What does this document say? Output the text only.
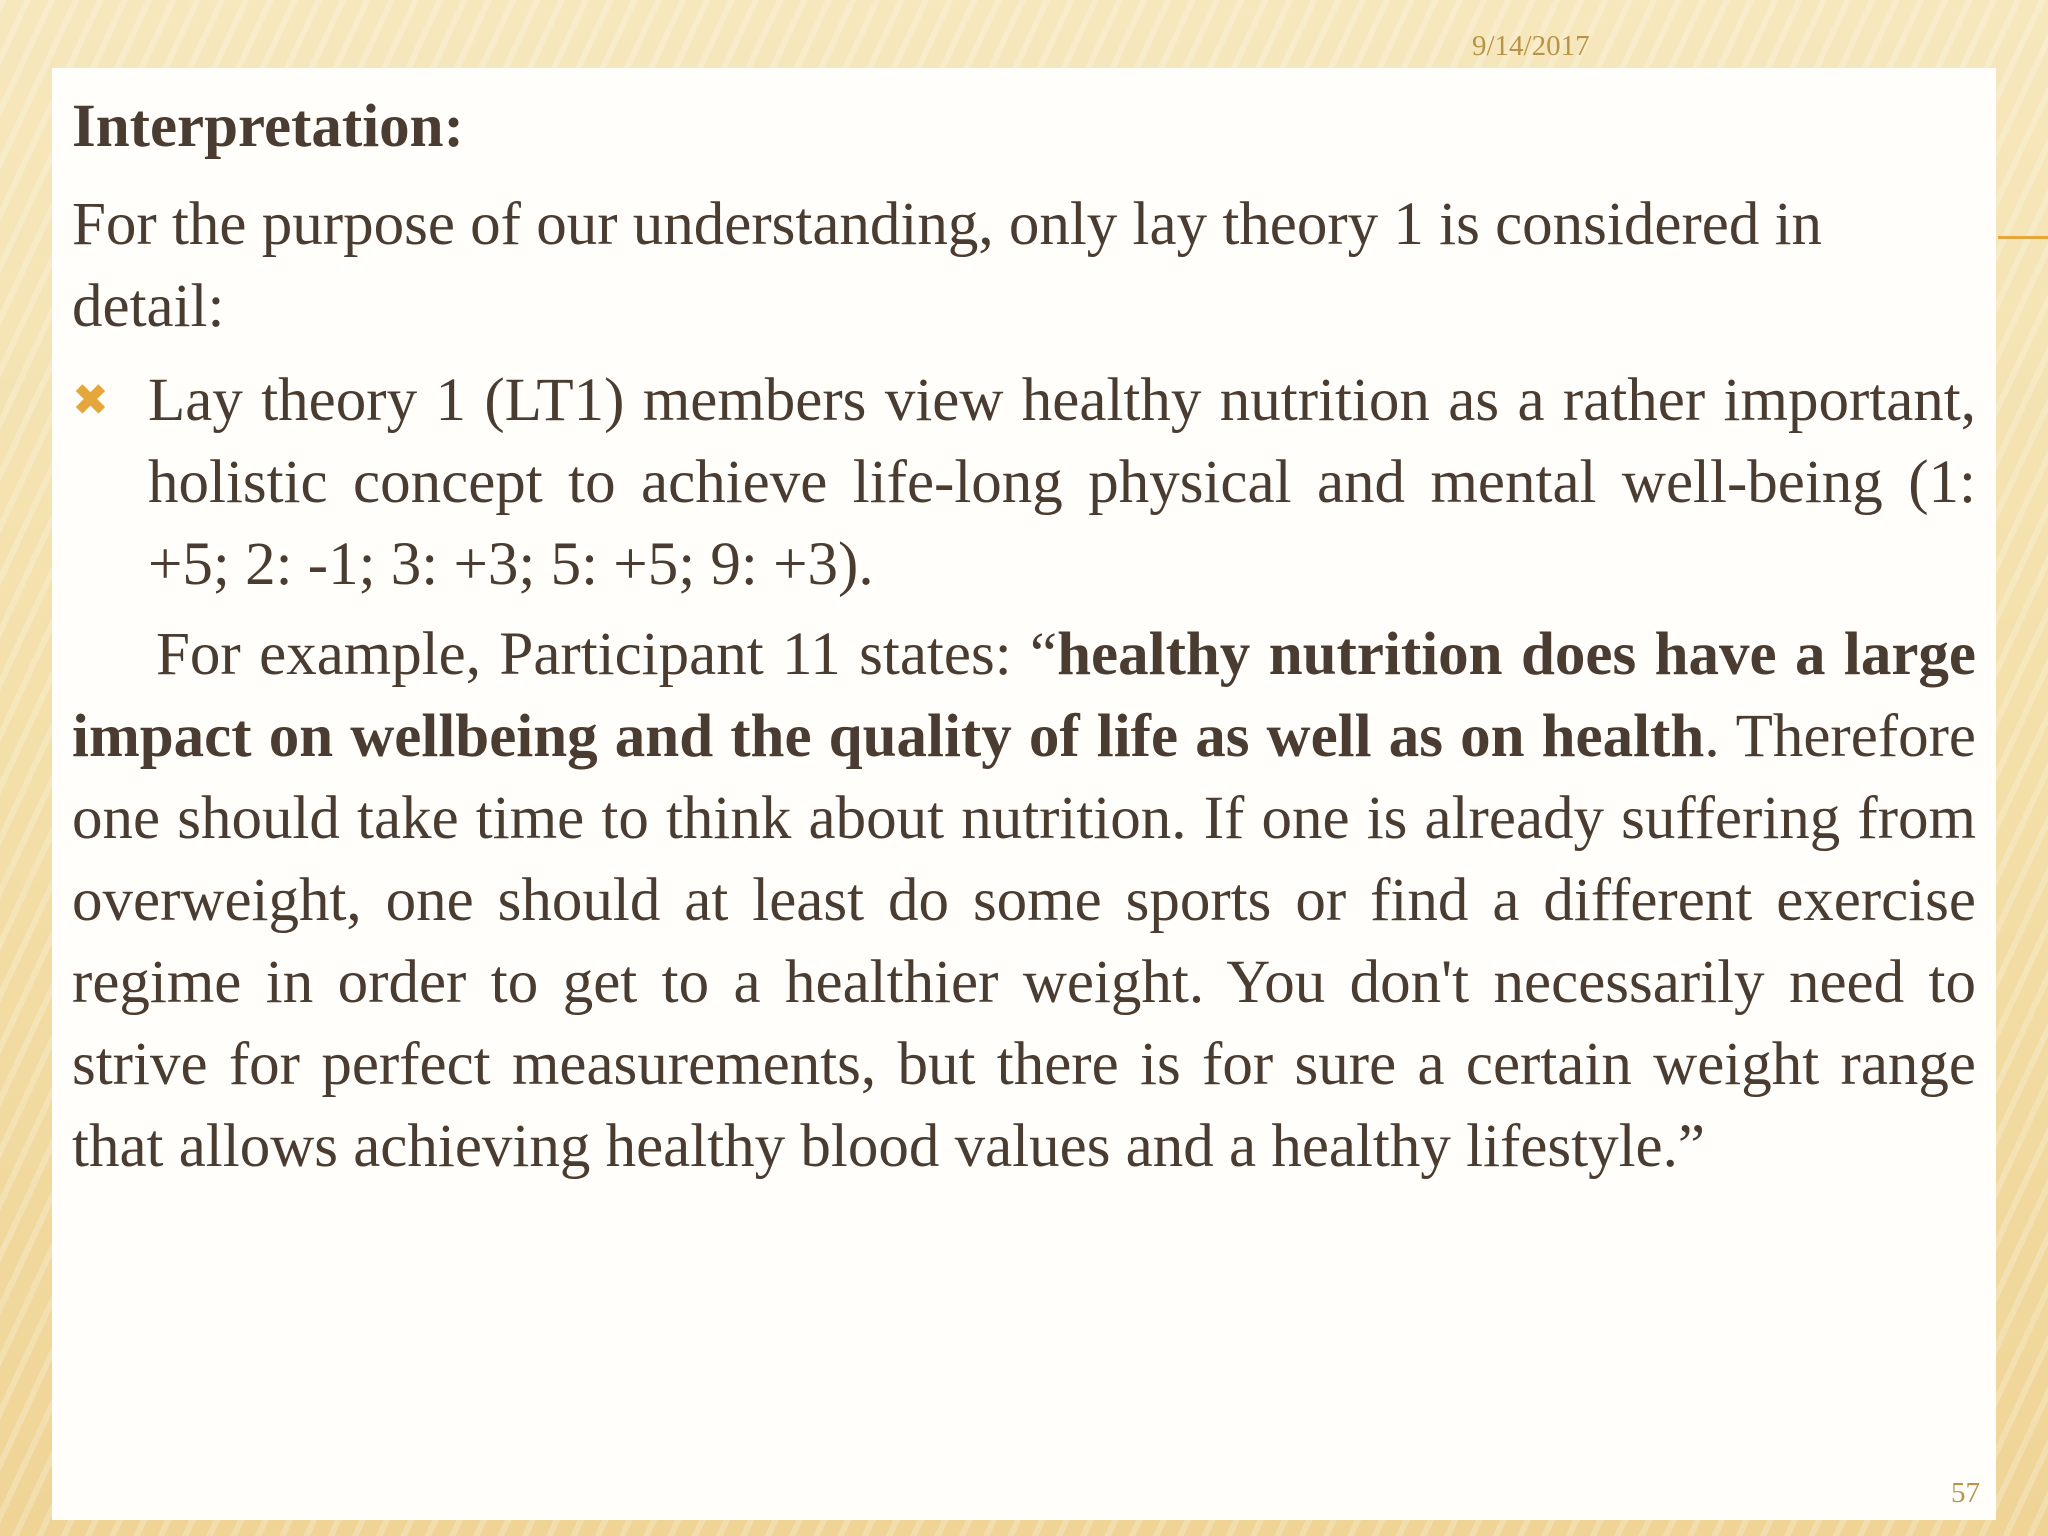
9/14/2017
Interpretation:
For the purpose of our understanding, only lay theory 1 is considered in detail:
✖ Lay theory 1 (LT1) members view healthy nutrition as a rather important, holistic concept to achieve life-long physical and mental well-being (1: +5; 2: -1; 3: +3; 5: +5; 9: +3).
For example, Participant 11 states: “healthy nutrition does have a large impact on wellbeing and the quality of life as well as on health. Therefore one should take time to think about nutrition. If one is already suffering from overweight, one should at least do some sports or find a different exercise regime in order to get to a healthier weight. You don't necessarily need to strive for perfect measurements, but there is for sure a certain weight range that allows achieving healthy blood values and a healthy lifestyle.”
57
